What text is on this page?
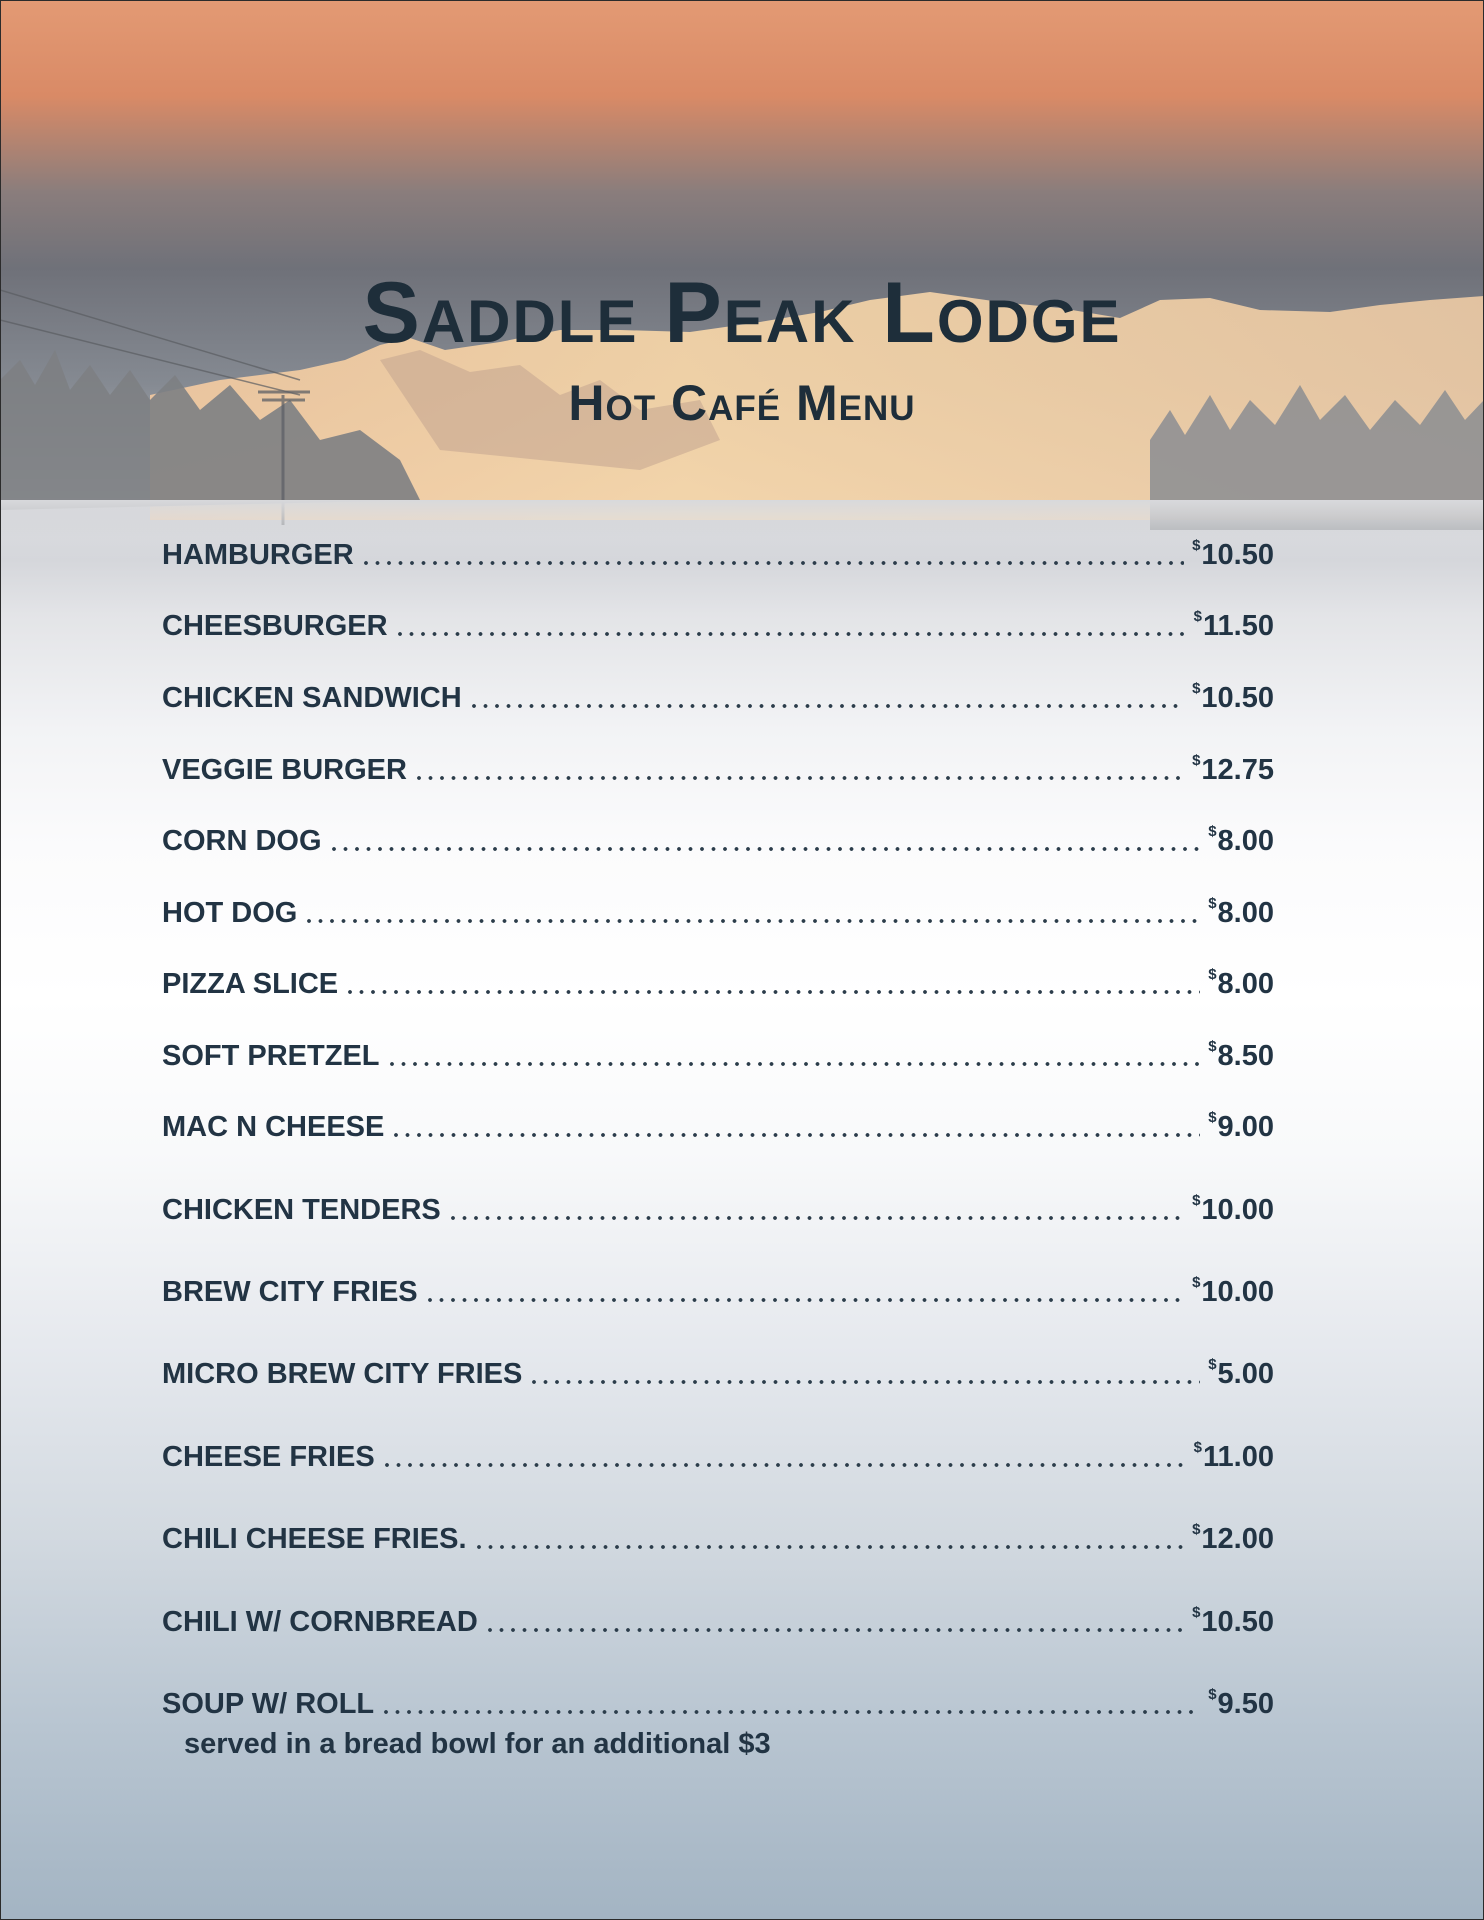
Saddle Peak Lodge
Hot Café Menu
HAMBURGER	$10.50
CHEESBURGER	$11.50
CHICKEN SANDWICH	$10.50
VEGGIE BURGER	$12.75
CORN DOG	$8.00
HOT DOG	$8.00
PIZZA SLICE	$8.00
SOFT PRETZEL	$8.50
MAC N CHEESE	$9.00
CHICKEN TENDERS	$10.00
BREW CITY FRIES	$10.00
MICRO BREW CITY FRIES	$5.00
CHEESE FRIES	$11.00
CHILI CHEESE FRIES.	$12.00
CHILI W/ CORNBREAD	$10.50
SOUP W/ ROLL	$9.50
served in a bread bowl for an additional $3
